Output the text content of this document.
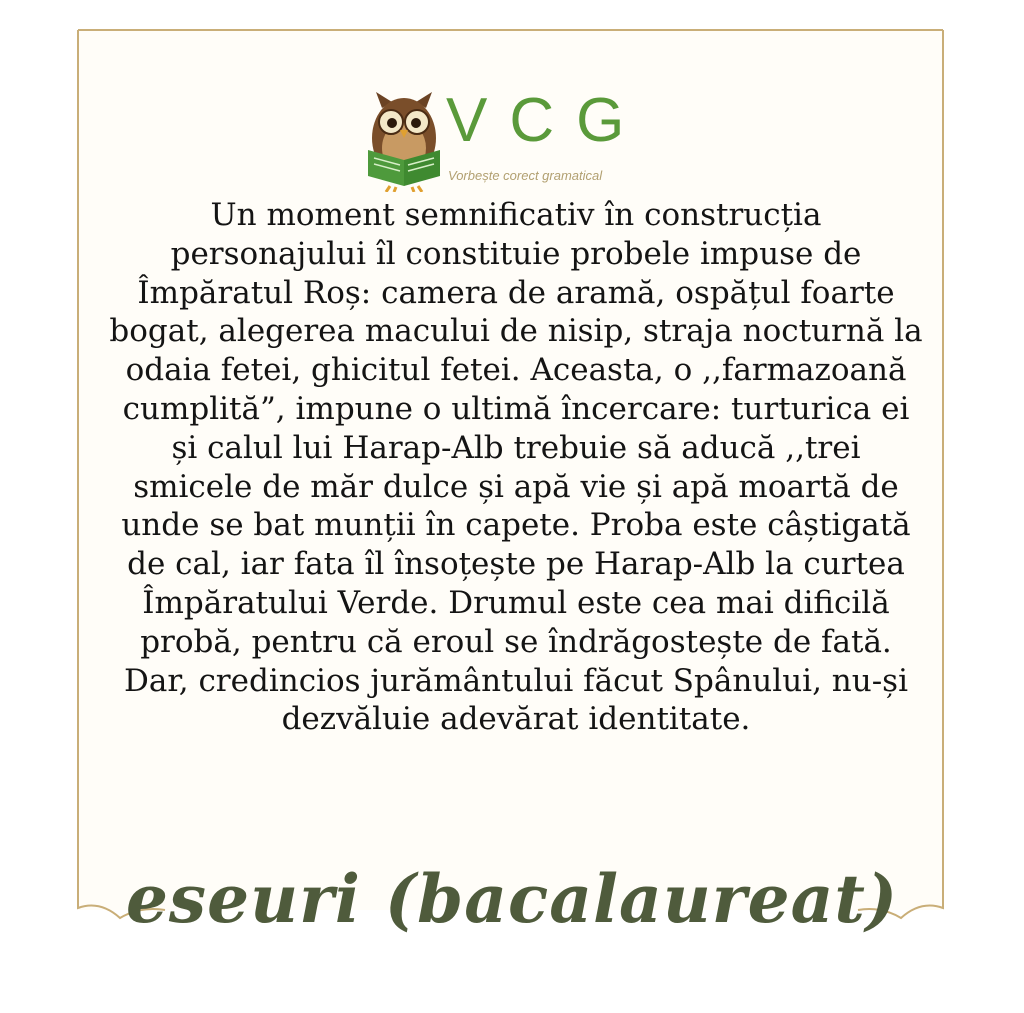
VCG
Vorbește corect gramatical

Un moment semnificativ în construcția
personajului îl constituie probele impuse de
Împăratul Roș: camera de aramă, ospățul foarte
bogat, alegerea macului de nisip, straja nocturnă la
odaia fetei, ghicitul fetei. Aceasta, o ,,farmazoană
cumplită”, impune o ultimă încercare: turturica ei
și calul lui Harap-Alb trebuie să aducă ,,trei
smicele de măr dulce și apă vie și apă moartă de
unde se bat munții în capete. Proba este câștigată
de cal, iar fata îl însoțește pe Harap-Alb la curtea
Împăratului Verde. Drumul este cea mai dificilă
probă, pentru că eroul se îndrăgostește de fată.
Dar, credincios jurământului făcut Spânului, nu-și
dezvăluie adevărat identitate.

eseuri (bacalaureat)
